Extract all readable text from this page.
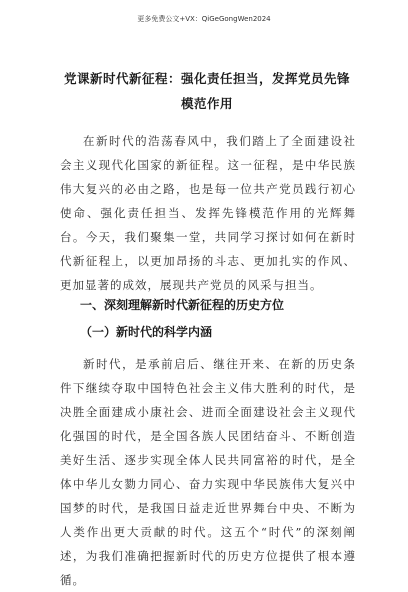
更多免费公文+VX：QiGeGongWen2024
党课新时代新征程：强化责任担当，发挥党员先锋模范作用
在新时代的浩荡春风中，我们踏上了全面建设社会主义现代化国家的新征程。这一征程，是中华民族伟大复兴的必由之路，也是每一位共产党员践行初心使命、强化责任担当、发挥先锋模范作用的光辉舞台。今天，我们聚集一堂，共同学习探讨如何在新时代新征程上，以更加昂扬的斗志、更加扎实的作风、更加显著的成效，展现共产党员的风采与担当。
一、深刻理解新时代新征程的历史方位
（一）新时代的科学内涵
新时代，是承前启后、继往开来、在新的历史条件下继续夺取中国特色社会主义伟大胜利的时代，是决胜全面建成小康社会、进而全面建设社会主义现代化强国的时代，是全国各族人民团结奋斗、不断创造美好生活、逐步实现全体人民共同富裕的时代，是全体中华儿女勠力同心、奋力实现中华民族伟大复兴中国梦的时代，是我国日益走近世界舞台中央、不断为人类作出更大贡献的时代。这五个“时代”的深刻阐述，为我们准确把握新时代的历史方位提供了根本遵循。
